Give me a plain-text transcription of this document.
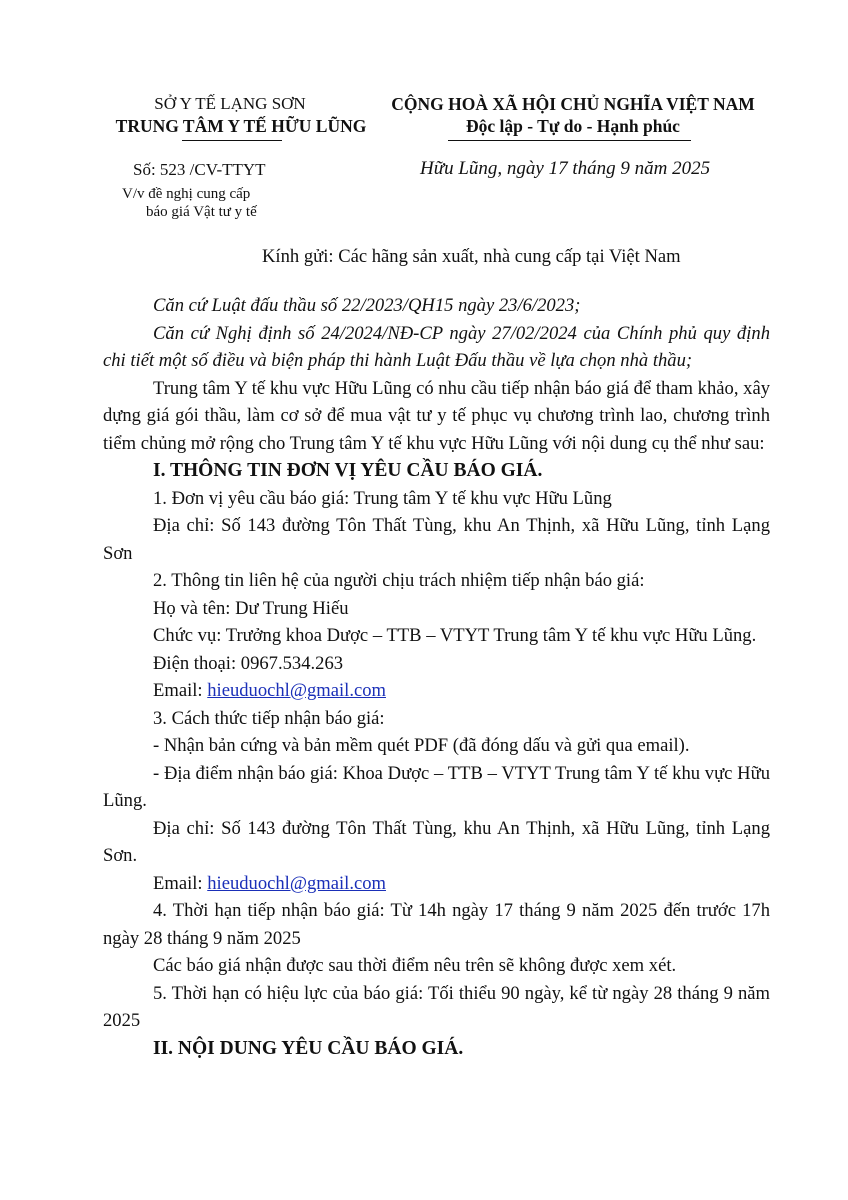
SỞ Y TẾ LẠNG SƠN
TRUNG TÂM Y TẾ HỮU LŨNG
CỘNG HOÀ XÃ HỘI CHỦ NGHĨA VIỆT NAM
Độc lập - Tự do - Hạnh phúc
Số: 523 /CV-TTYT
V/v đề nghị cung cấp
báo giá Vật tư y tế
Hữu Lũng, ngày 17 tháng 9 năm 2025
Kính gửi: Các hãng sản xuất, nhà cung cấp tại Việt Nam

Căn cứ Luật đấu thầu số 22/2023/QH15 ngày 23/6/2023;

Căn cứ Nghị định số 24/2024/NĐ-CP ngày 27/02/2024 của Chính phủ quy định chi tiết một số điều và biện pháp thi hành Luật Đấu thầu về lựa chọn nhà thầu;

Trung tâm Y tế khu vực Hữu Lũng có nhu cầu tiếp nhận báo giá để tham khảo, xây dựng giá gói thầu, làm cơ sở để mua vật tư y tế phục vụ chương trình lao, chương trình tiểm chủng mở rộng cho Trung tâm Y tế khu vực Hữu Lũng với nội dung cụ thể như sau:

I. THÔNG TIN ĐƠN VỊ YÊU CẦU BÁO GIÁ.

1. Đơn vị yêu cầu báo giá: Trung tâm Y tế khu vực Hữu Lũng

Địa chỉ: Số 143 đường Tôn Thất Tùng, khu An Thịnh, xã Hữu Lũng, tỉnh Lạng Sơn

2. Thông tin liên hệ của người chịu trách nhiệm tiếp nhận báo giá:

Họ và tên: Dư Trung Hiếu

Chức vụ: Trưởng khoa Dược – TTB – VTYT Trung tâm Y tế khu vực Hữu Lũng.

Điện thoại: 0967.534.263

Email: hieuduochl@gmail.com

3. Cách thức tiếp nhận báo giá:

- Nhận bản cứng và bản mềm quét PDF (đã đóng dấu và gửi qua email).

- Địa điểm nhận báo giá: Khoa Dược – TTB – VTYT Trung tâm Y tế khu vực Hữu Lũng.

Địa chỉ: Số 143 đường Tôn Thất Tùng, khu An Thịnh, xã Hữu Lũng, tỉnh Lạng Sơn.

Email: hieuduochl@gmail.com

4. Thời hạn tiếp nhận báo giá: Từ 14h ngày 17 tháng 9 năm 2025 đến trước 17h ngày 28 tháng 9 năm 2025

Các báo giá nhận được sau thời điểm nêu trên sẽ không được xem xét.

5. Thời hạn có hiệu lực của báo giá: Tối thiểu 90 ngày, kể từ ngày 28 tháng 9 năm 2025

II. NỘI DUNG YÊU CẦU BÁO GIÁ.
